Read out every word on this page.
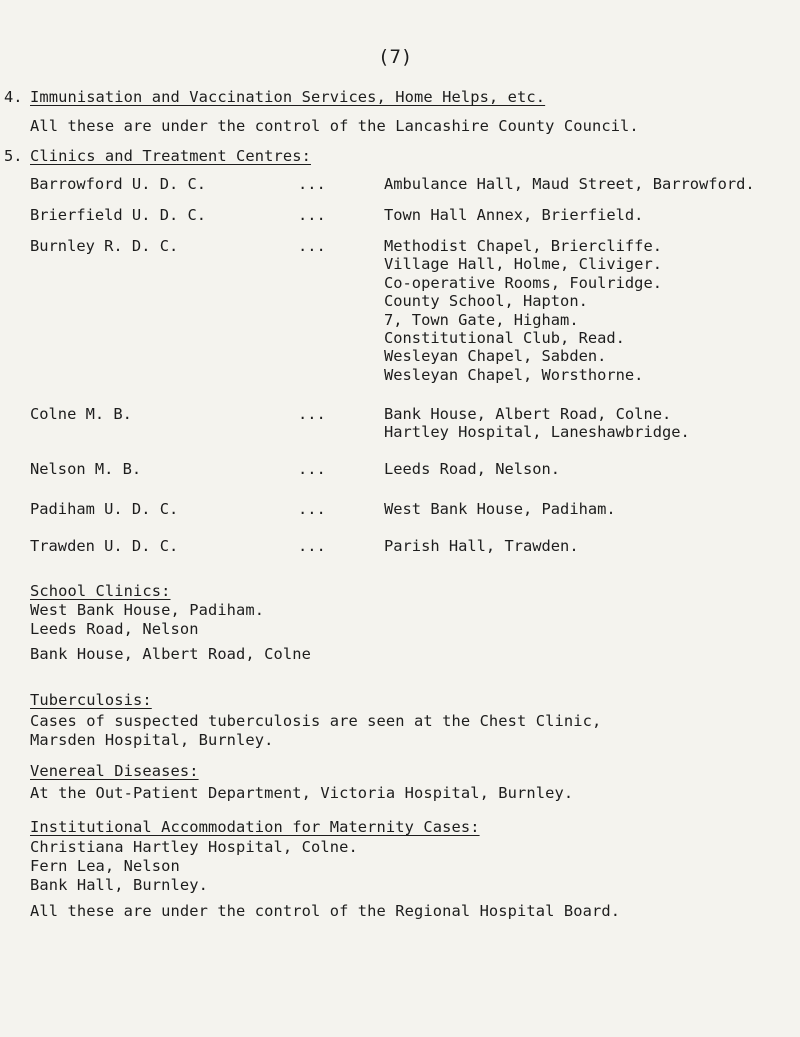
(7)
4. Immunisation and Vaccination Services, Home Helps, etc.
All these are under the control of the Lancashire County Council.
5. Clinics and Treatment Centres:
Barrowford U. D. C.	...	Ambulance Hall, Maud Street, Barrowford.
Brierfield U. D. C.	...	Town Hall Annex, Brierfield.
Burnley R. D. C.	...	Methodist Chapel, Briercliffe.
Village Hall, Holme, Cliviger.
Co-operative Rooms, Foulridge.
County School, Hapton.
7, Town Gate, Higham.
Constitutional Club, Read.
Wesleyan Chapel, Sabden.
Wesleyan Chapel, Worsthorne.
Colne M. B.	...	Bank House, Albert Road, Colne.
Hartley Hospital, Laneshawbridge.
Nelson M. B.	...	Leeds Road, Nelson.
Padiham U. D. C.	...	West Bank House, Padiham.
Trawden U. D. C.	...	Parish Hall, Trawden.
School Clinics:
West Bank House, Padiham.
Leeds Road, Nelson
Bank House, Albert Road, Colne
Tuberculosis:
Cases of suspected tuberculosis are seen at the Chest Clinic,
Marsden Hospital, Burnley.
Venereal Diseases:
At the Out-Patient Department, Victoria Hospital, Burnley.
Institutional Accommodation for Maternity Cases:
Christiana Hartley Hospital, Colne.
Fern Lea, Nelson
Bank Hall, Burnley.
All these are under the control of the Regional Hospital Board.
